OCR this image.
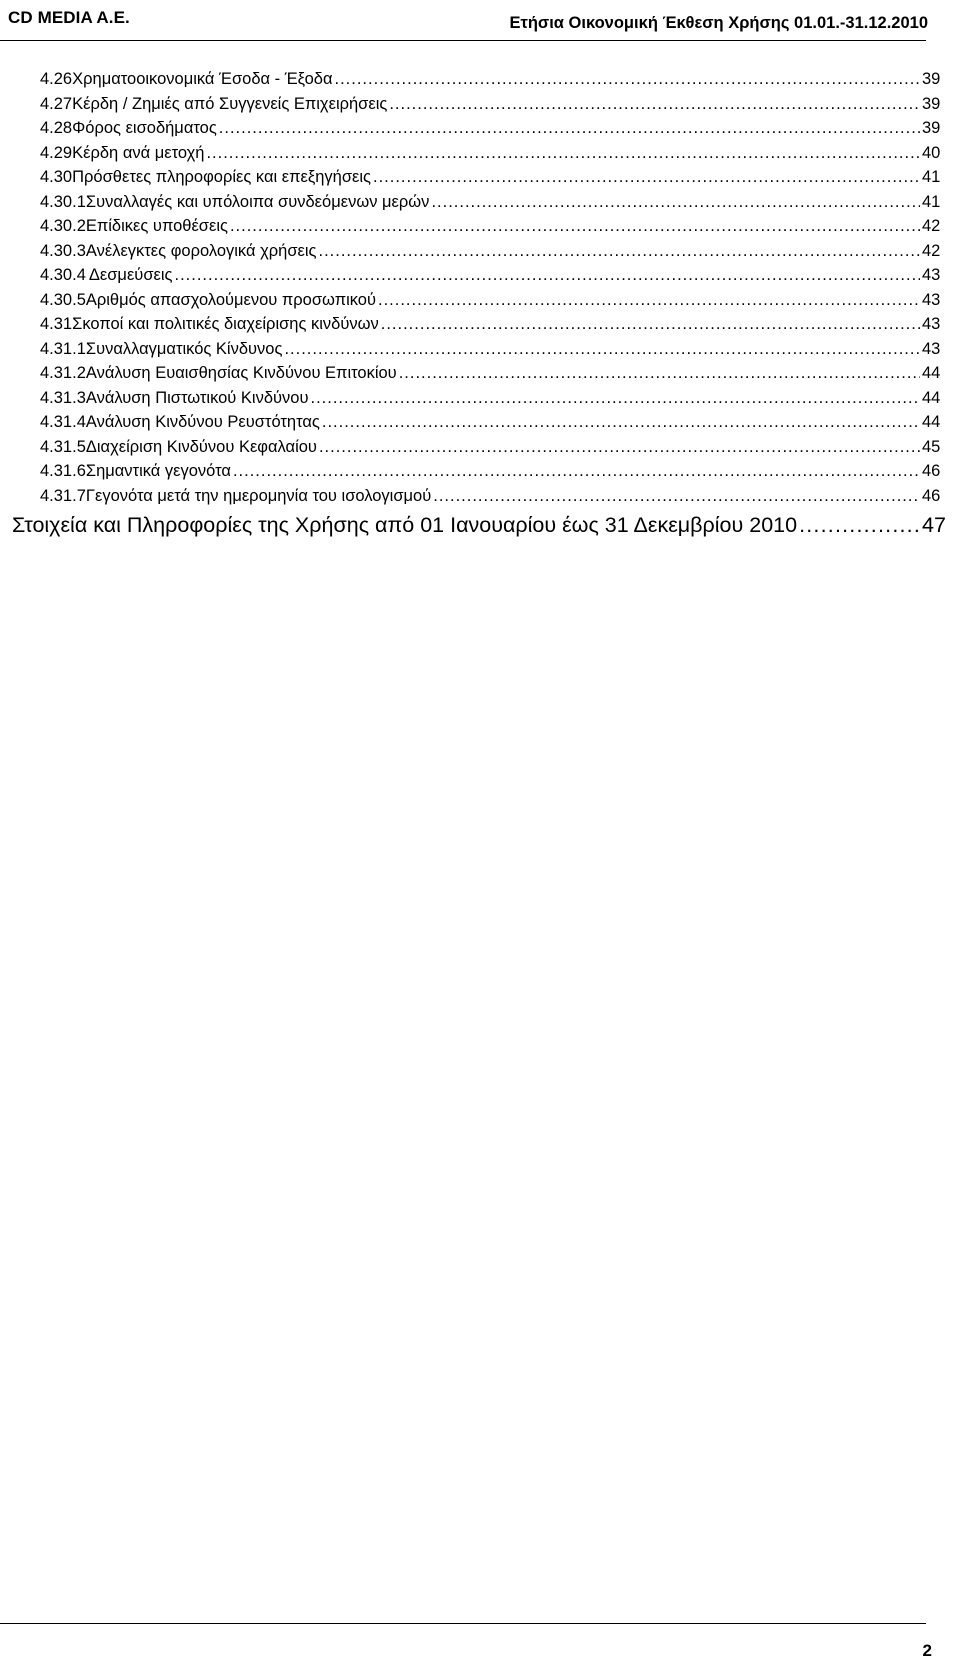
CD MEDIA A.E.	Ετήσια Οικονομική Έκθεση Χρήσης 01.01.-31.12.2010
4.26 Χρηματοοικονομικά Έσοδα - Έξοδα .....	39
4.27 Κέρδη / Ζημιές από Συγγενείς Επιχειρήσεις .....	39
4.28 Φόρος εισοδήματος .....	39
4.29 Κέρδη ανά μετοχή .....	40
4.30 Πρόσθετες πληροφορίες και επεξηγήσεις .....	41
4.30.1 Συναλλαγές και υπόλοιπα συνδεόμενων μερών .....	41
4.30.2 Επίδικες υποθέσεις .....	42
4.30.3 Ανέλεγκτες φορολογικά χρήσεις .....	42
4.30.4 Δεσμεύσεις .....	43
4.30.5 Αριθμός απασχολούμενου προσωπικού .....	43
4.31 Σκοποί και πολιτικές διαχείρισης κινδύνων .....	43
4.31.1 Συναλλαγματικός Κίνδυνος .....	43
4.31.2 Ανάλυση Ευαισθησίας Κινδύνου Επιτοκίου .....	44
4.31.3 Ανάλυση Πιστωτικού Κινδύνου .....	44
4.31.4 Ανάλυση Κινδύνου Ρευστότητας .....	44
4.31.5 Διαχείριση Κινδύνου Κεφαλαίου .....	45
4.31.6 Σημαντικά γεγονότα .....	46
4.31.7 Γεγονότα μετά την ημερομηνία του ισολογισμού .....	46
Στοιχεία και Πληροφορίες της Χρήσης από 01 Ιανουαρίου έως 31 Δεκεμβρίου 2010 .....	47
2
